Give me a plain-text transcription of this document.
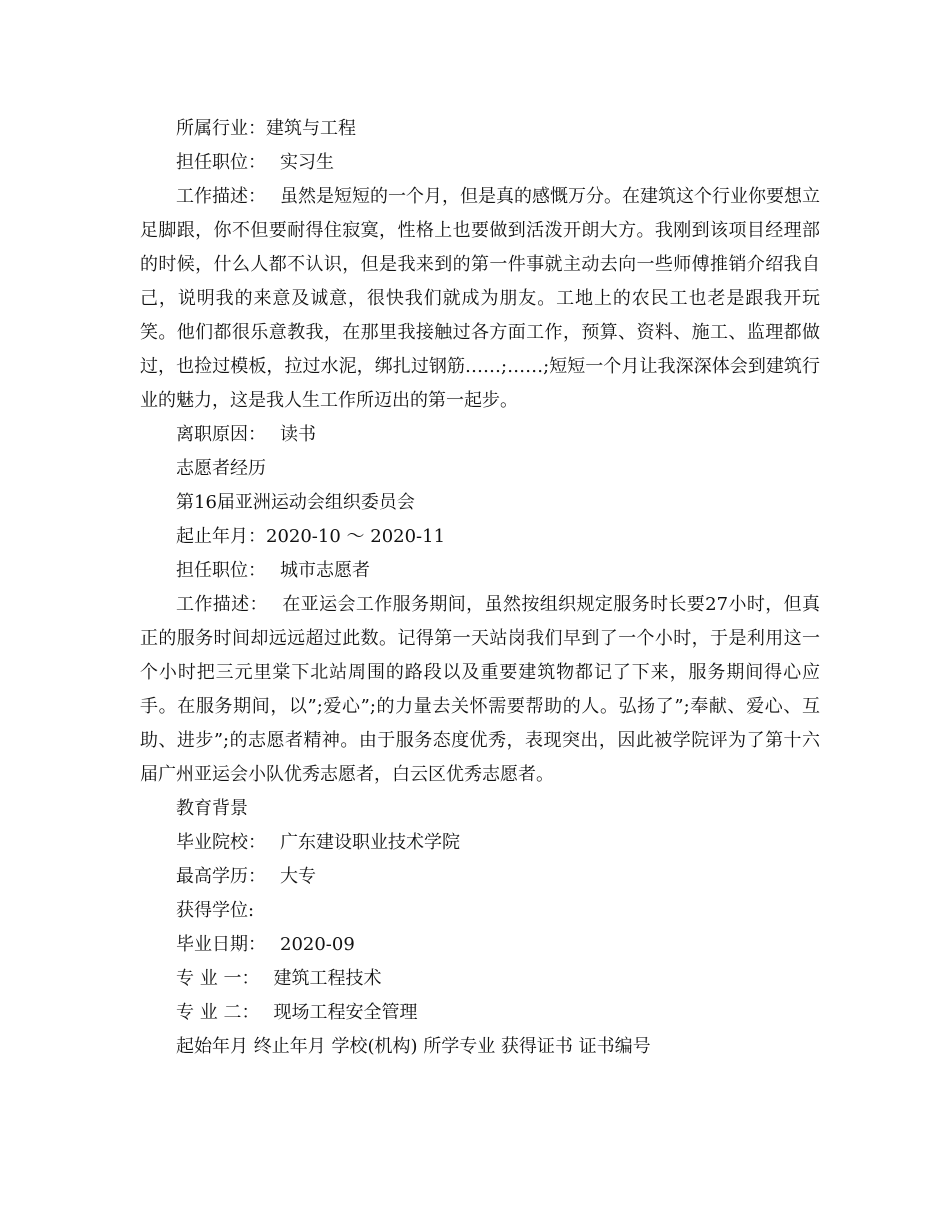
所属行业：建筑与工程
担任职位： 实习生
工作描述： 虽然是短短的一个月，但是真的感慨万分。在建筑这个行业你要想立足脚跟，你不但要耐得住寂寞，性格上也要做到活泼开朗大方。我刚到该项目经理部的时候，什么人都不认识，但是我来到的第一件事就主动去向一些师傅推销介绍我自己，说明我的来意及诚意，很快我们就成为朋友。工地上的农民工也老是跟我开玩笑。他们都很乐意教我，在那里我接触过各方面工作，预算、资料、施工、监理都做过，也捡过模板，拉过水泥，绑扎过钢筋……;……;短短一个月让我深深体会到建筑行业的魅力，这是我人生工作所迈出的第一起步。
离职原因： 读书
志愿者经历
第16届亚洲运动会组织委员会
起止年月：2020-10 ～ 2020-11
担任职位： 城市志愿者
工作描述： 在亚运会工作服务期间，虽然按组织规定服务时长要27小时，但真正的服务时间却远远超过此数。记得第一天站岗我们早到了一个小时，于是利用这一个小时把三元里棠下北站周围的路段以及重要建筑物都记了下来，服务期间得心应手。在服务期间，以”;爱心”;的力量去关怀需要帮助的人。弘扬了”;奉献、爱心、互助、进步”;的志愿者精神。由于服务态度优秀，表现突出，因此被学院评为了第十六届广州亚运会小队优秀志愿者，白云区优秀志愿者。
教育背景
毕业院校： 广东建设职业技术学院
最高学历： 大专
获得学位:
毕业日期： 2020-09
专 业 一： 建筑工程技术
专 业 二： 现场工程安全管理
起始年月 终止年月 学校(机构) 所学专业 获得证书 证书编号
